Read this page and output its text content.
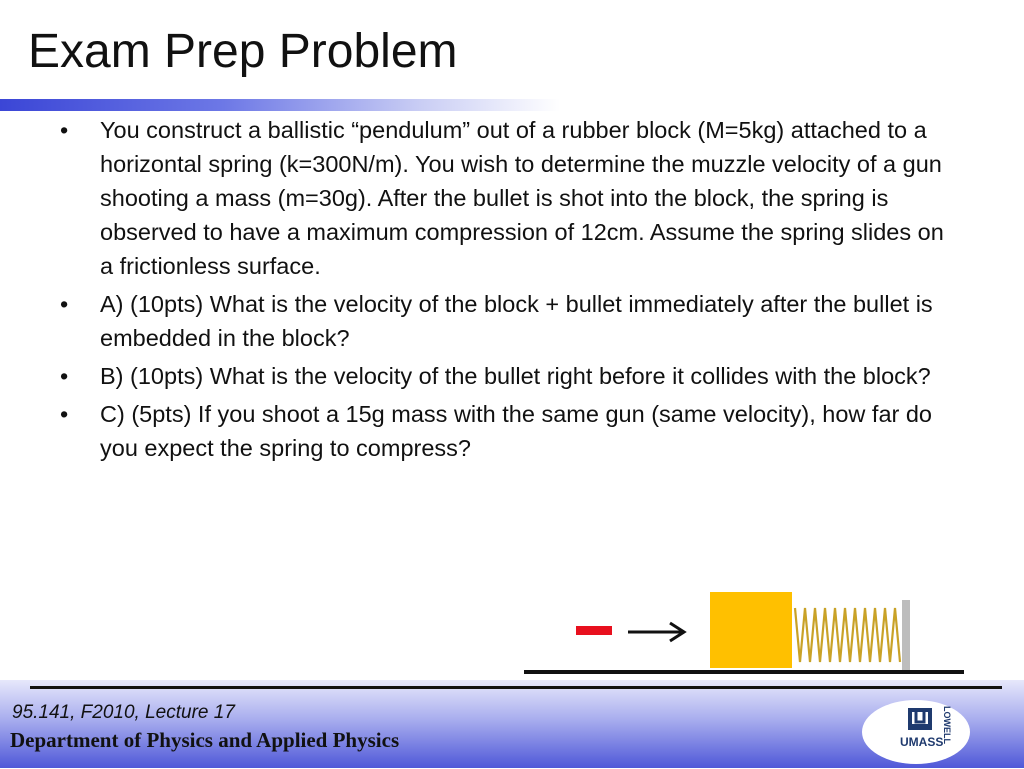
Exam Prep Problem
•	You construct a ballistic “pendulum” out of a rubber block (M=5kg) attached to a horizontal spring (k=300N/m). You wish to determine the muzzle velocity of a gun shooting a mass (m=30g). After the bullet is shot into the block, the spring is observed to have a maximum compression of 12cm. Assume the spring slides on a frictionless surface.
•	A) (10pts) What is the velocity of the block + bullet immediately after the bullet is embedded in the block?
•	B) (10pts) What is the velocity of the bullet right before it collides with the block?
•	C) (5pts) If you shoot a 15g mass with the same gun (same velocity), how far do you expect the spring to compress?
95.141, F2010, Lecture 17
Department of Physics and Applied Physics	UMASS
LOWELL
